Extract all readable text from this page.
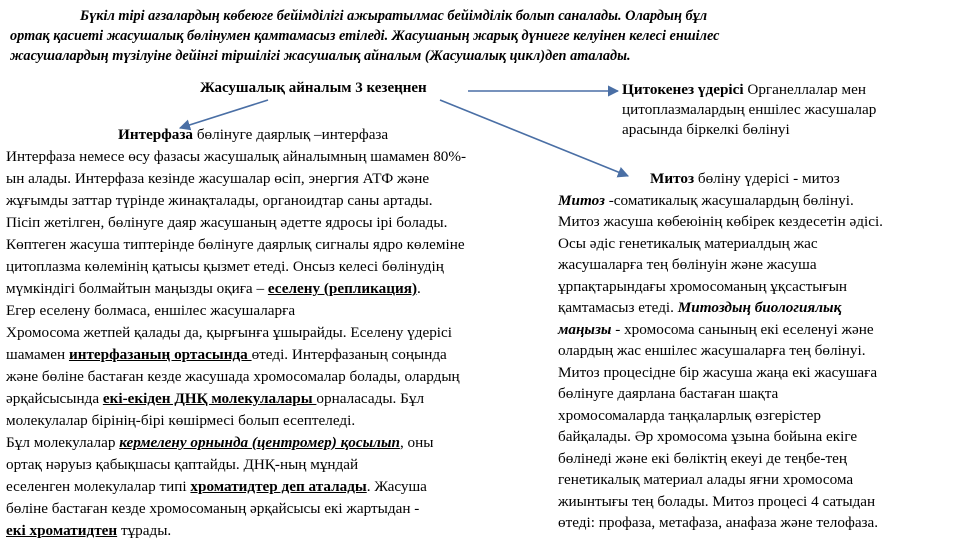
Бүкіл тірі ағзалардың көбеюге бейімділігі ажыратылмас бейімділік болып саналады. Олардың бұл
ортақ қасиеті жасушалық бөлінумен қамтамасыз етіледі. Жасушаның жарық дүниеге келуінен келесі еншілес
жасушалардың түзілуіне дейінгі тіршілігі жасушалық айналым (Жасушалық цикл)деп аталады.
Жасушалық айналым 3 кезеңнен	Цитокенез үдерісі Органеллалар мен
цитоплазмалардың еншілес жасушалар
арасында біркелкі бөлінуі
Интерфаза бөлінуге даярлық –интерфаза
Интерфаза немесе өсу фазасы жасушалық айналымның шамамен 80%-
ын алады. Интерфаза кезінде жасушалар өсіп, энергия АТФ және
жұғымды заттар түрінде жинақталады, органоидтар саны артады.
Пісіп жетілген, бөлінуге даяр жасушаның әдетте ядросы ірі болады.
Көптеген жасуша типтерінде бөлінуге даярлық сигналы ядро көлеміне
цитоплазма көлемінің қатысы қызмет етеді. Онсыз келесі бөлінудің
мүмкіндігі болмайтын маңызды оқиға – еселену (репликация).
Егер еселену болмаса, еншілес жасушаларға
Хромосома жетпей қалады да, қырғынға ұшырайды. Еселену үдерісі
шамамен интерфазаның ортасында өтеді. Интерфазаның соңында
және бөліне бастаған кезде жасушада хромосомалар болады, олардың
әрқайсысында екі-екіден ДНҚ молекулалары орналасады. Бұл
молекулалар бірінің-бірі көшірмесі болып есептеледі.
Бұл молекулалар кермелену орнында (центромер) қосылып, оны
ортақ нәруыз қабықшасы қаптайды. ДНҚ-ның мұндай
еселенген молекулалар типі хроматидтер деп аталады. Жасуша
бөліне бастаған кезде хромосоманың әрқайсысы екі жартыдан -
екі хроматидтен тұрады.
Митоз бөліну үдерісі - митоз
Митоз -соматикалық жасушалардың бөлінуі.
Митоз жасуша көбеюінің көбірек кездесетін әдісі.
Осы әдіс генетикалық материалдың жас
жасушаларға тең бөлінуін және жасуша
ұрпақтарындағы хромосоманың ұқсастығын
қамтамасыз етеді. Митоздың биологиялық
маңызы - хромосома санының екі еселенуі және
олардың жас еншілес жасушаларға тең бөлінуі.
Митоз процесідне бір жасуша жаңа екі жасушаға
бөлінуге даярлана бастаған шақта
хромосомаларда таңқаларлық өзгерістер
байқалады. Әр хромосома ұзына бойына екіге
бөлінеді және екі бөліктің екеуі де теңбе-тең
генетикалық материал алады яғни хромосома
жиынтығы тең болады. Митоз процесі 4 сатыдан
өтеді: профаза, метафаза, анафаза және телофаза.
